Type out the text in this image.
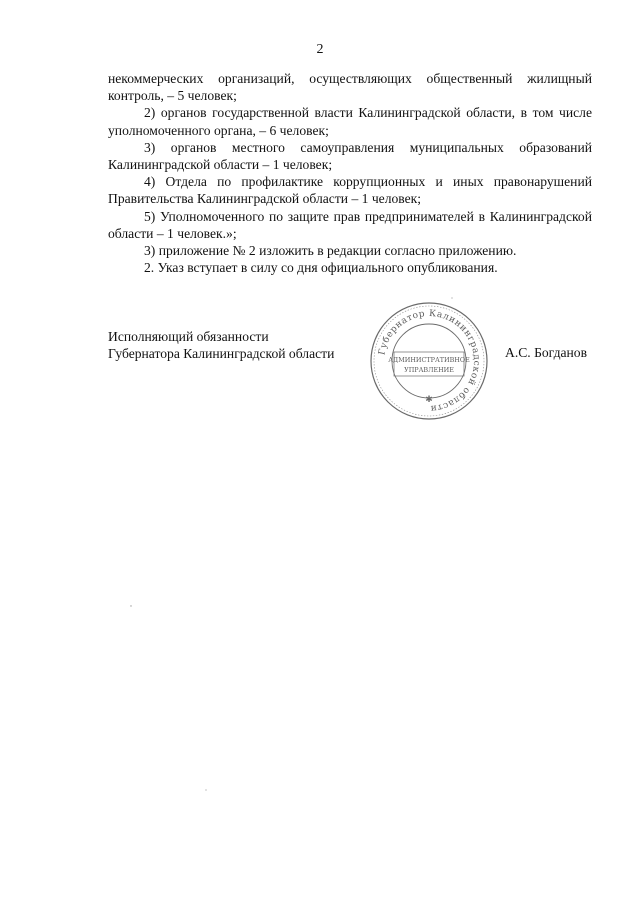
2

некоммерческих организаций, осуществляющих общественный жилищный контроль, – 5 человек;

2) органов государственной власти Калининградской области, в том числе уполномоченного органа, – 6 человек;

3) органов местного самоуправления муниципальных образований Калининградской области – 1 человек;

4) Отдела по профилактике коррупционных и иных правонарушений Правительства Калининградской области – 1 человек;

5) Уполномоченного по защите прав предпринимателей в Калининградской области – 1 человек.»;

3) приложение № 2 изложить в редакции согласно приложению.

2. Указ вступает в силу со дня официального опубликования.

Исполняющий обязанности
Губернатора Калининградской области	Губернатор Калининградской области
АДМИНИСТРАТИВНОЕ
УПРАВЛЕНИЕ
✱
А.С. Богданов
